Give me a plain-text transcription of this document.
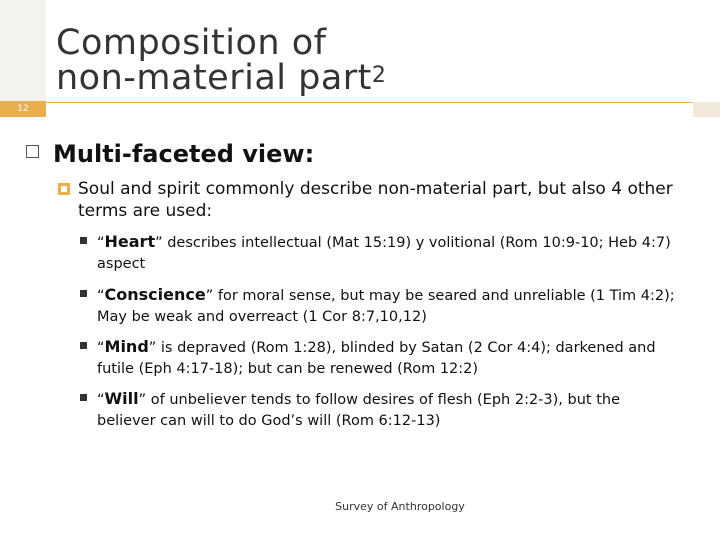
12
Composition of
non-material part$^2$
Multi-faceted view:
Soul and spirit commonly describe non-material part, but also 4 other terms are used:
“Heart” describes intellectual (Mat 15:19) y volitional (Rom 10:9-10; Heb 4:7) aspect
“Conscience” for moral sense, but may be seared and unreliable (1 Tim 4:2); May be weak and overreact (1 Cor 8:7,10,12)
“Mind” is depraved (Rom 1:28), blinded by Satan (2 Cor 4:4); darkened and futile (Eph 4:17-18); but can be renewed (Rom 12:2)
“Will” of unbeliever tends to follow desires of flesh (Eph 2:2-3), but the believer can will to do God’s will (Rom 6:12-13)
Survey of Anthropology
